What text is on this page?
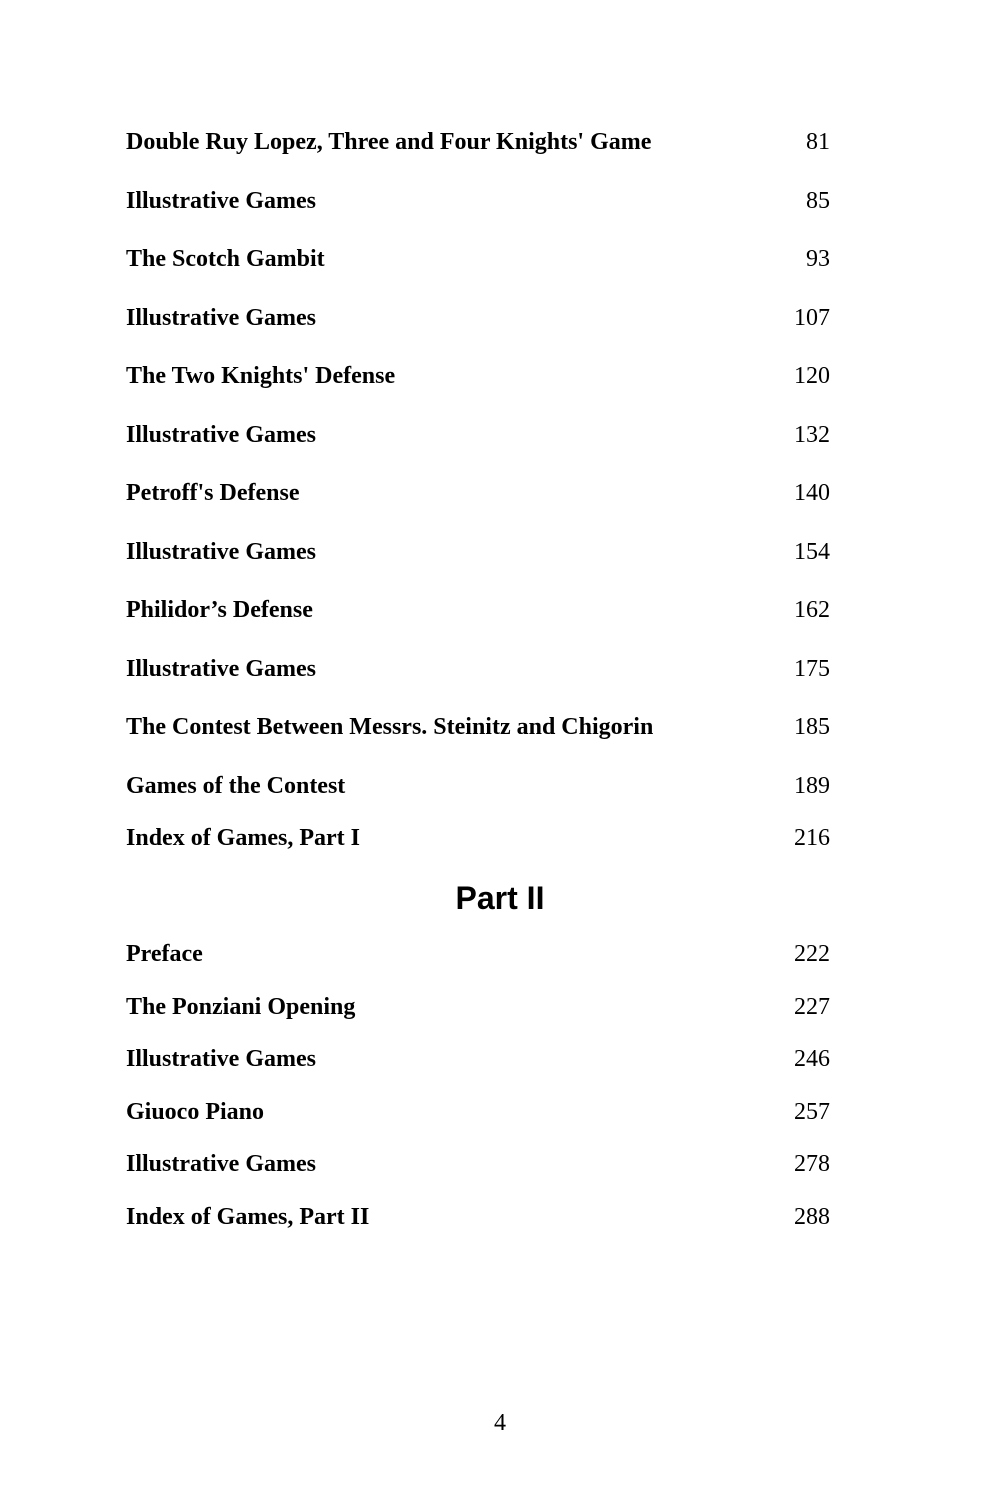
Double Ruy Lopez, Three and Four Knights' Game	81
Illustrative Games	85
The Scotch Gambit	93
Illustrative Games	107
The Two Knights' Defense	120
Illustrative Games	132
Petroff's Defense	140
Illustrative Games	154
Philidor’s Defense	162
Illustrative Games	175
The Contest Between Messrs. Steinitz and Chigorin	185
Games of the Contest	189
Index of Games, Part I	216
Part II
Preface	222
The Ponziani Opening	227
Illustrative Games	246
Giuoco Piano	257
Illustrative Games	278
Index of Games, Part II	288
4
